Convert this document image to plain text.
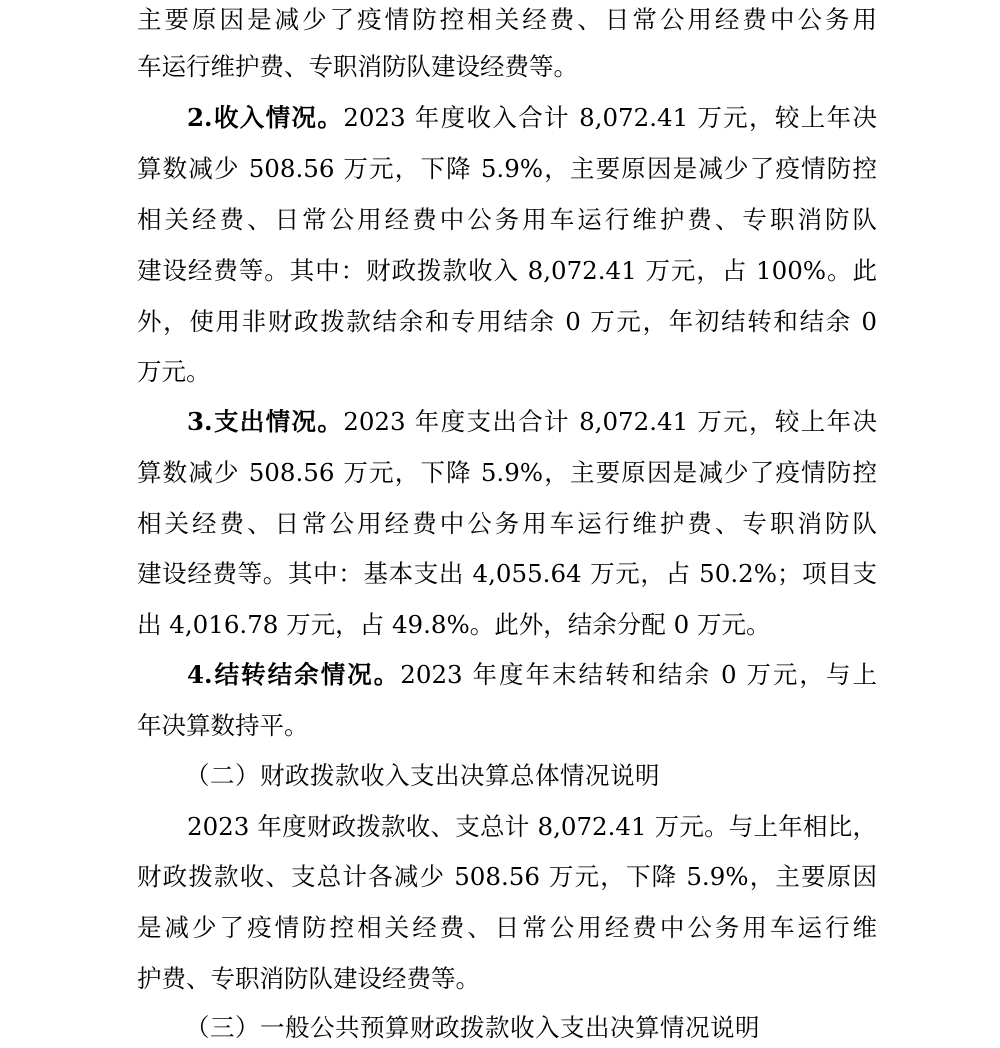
主要原因是减少了疫情防控相关经费、日常公用经费中公务用
车运行维护费、专职消防队建设经费等。
2.收入情况。2023 年度收入合计 8,072.41 万元，较上年决
算数减少 508.56 万元，下降 5.9%，主要原因是减少了疫情防控
相关经费、日常公用经费中公务用车运行维护费、专职消防队
建设经费等。其中：财政拨款收入 8,072.41 万元，占 100%。此
外，使用非财政拨款结余和专用结余 0 万元，年初结转和结余 0
万元。
3.支出情况。2023 年度支出合计 8,072.41 万元，较上年决
算数减少 508.56 万元，下降 5.9%，主要原因是减少了疫情防控
相关经费、日常公用经费中公务用车运行维护费、专职消防队
建设经费等。其中：基本支出 4,055.64 万元，占 50.2%；项目支
出 4,016.78 万元，占 49.8%。此外，结余分配 0 万元。
4.结转结余情况。2023 年度年末结转和结余 0 万元，与上
年决算数持平。
（二）财政拨款收入支出决算总体情况说明
2023 年度财政拨款收、支总计 8,072.41 万元。与上年相比，
财政拨款收、支总计各减少 508.56 万元，下降 5.9%，主要原因
是减少了疫情防控相关经费、日常公用经费中公务用车运行维
护费、专职消防队建设经费等。
（三）一般公共预算财政拨款收入支出决算情况说明
